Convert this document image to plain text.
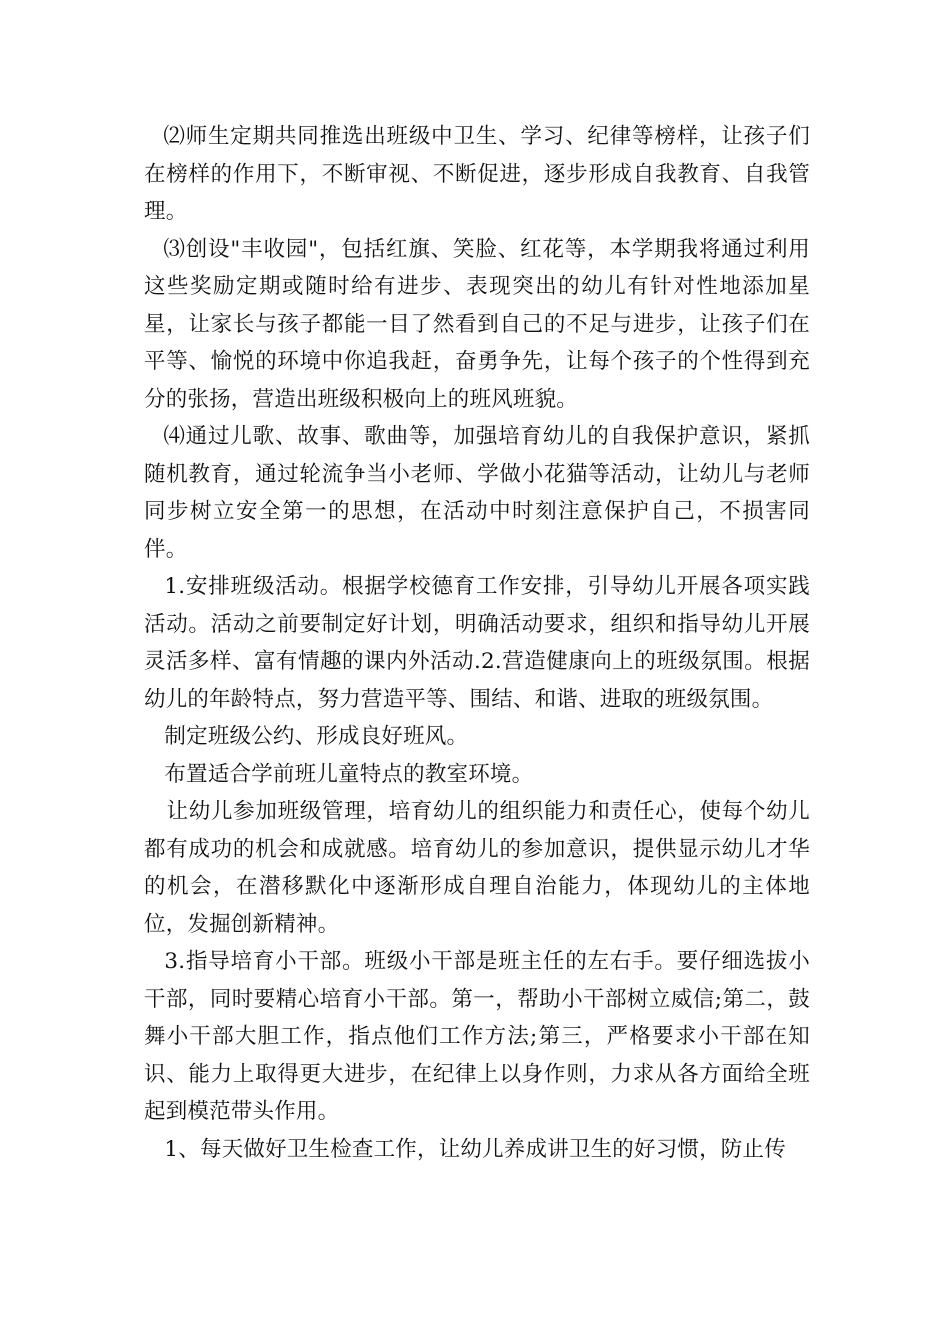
⑵师生定期共同推选出班级中卫生、学习、纪律等榜样，让孩子们在榜样的作用下，不断审视、不断促进，逐步形成自我教育、自我管理。

⑶创设"丰收园"，包括红旗、笑脸、红花等，本学期我将通过利用这些奖励定期或随时给有进步、表现突出的幼儿有针对性地添加星星，让家长与孩子都能一目了然看到自己的不足与进步，让孩子们在平等、愉悦的环境中你追我赶，奋勇争先，让每个孩子的个性得到充分的张扬，营造出班级积极向上的班风班貌。

⑷通过儿歌、故事、歌曲等，加强培育幼儿的自我保护意识，紧抓随机教育，通过轮流争当小老师、学做小花猫等活动，让幼儿与老师同步树立安全第一的思想，在活动中时刻注意保护自己，不损害同伴。

1.安排班级活动。根据学校德育工作安排，引导幼儿开展各项实践活动。活动之前要制定好计划，明确活动要求，组织和指导幼儿开展灵活多样、富有情趣的课内外活动.2.营造健康向上的班级氛围。根据幼儿的年龄特点，努力营造平等、围结、和谐、进取的班级氛围。

制定班级公约、形成良好班风。

布置适合学前班儿童特点的教室环境。

让幼儿参加班级管理，培育幼儿的组织能力和责任心，使每个幼儿都有成功的机会和成就感。培育幼儿的参加意识，提供显示幼儿才华的机会，在潜移默化中逐渐形成自理自治能力，体现幼儿的主体地位，发掘创新精神。

3.指导培育小干部。班级小干部是班主任的左右手。要仔细选拔小干部，同时要精心培育小干部。第一，帮助小干部树立威信;第二，鼓舞小干部大胆工作，指点他们工作方法;第三，严格要求小干部在知识、能力上取得更大进步，在纪律上以身作则，力求从各方面给全班起到模范带头作用。

1、每天做好卫生检查工作，让幼儿养成讲卫生的好习惯，防止传
